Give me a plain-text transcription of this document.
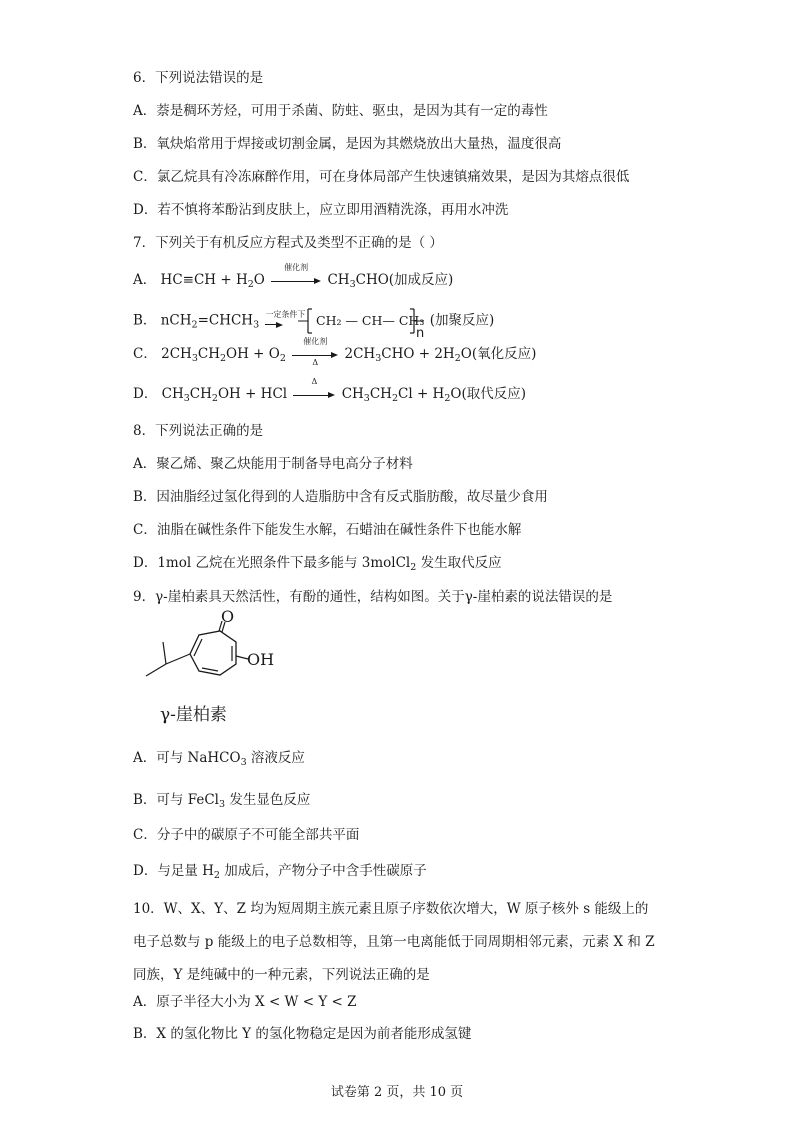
6．下列说法错误的是
A．萘是稠环芳烃，可用于杀菌、防蛀、驱虫，是因为其有一定的毒性
B．氧炔焰常用于焊接或切割金属，是因为其燃烧放出大量热，温度很高
C．氯乙烷具有冷冻麻醉作用，可在身体局部产生快速镇痛效果，是因为其熔点很低
D．若不慎将苯酚沾到皮肤上，应立即用酒精洗涤，再用水冲洗
7．下列关于有机反应方程式及类型不正确的是（ ）
A． $HC\equiv CH + H_2O$
催化剂
$CH_3CHO$(加成反应)
B． $nCH_2=CHCH_3$
一定条件下
CH₂ — CH— CH₃
n
(加聚反应)
C． $2CH_3CH_2OH + O_2$
催化剂
Δ	$2CH_3CHO + 2H_2O$(氧化反应)
D． $CH_3CH_2OH$ + HCl
Δ
$CH_3CH_2Cl + H_2O$(取代反应)
8．下列说法正确的是
A．聚乙烯、聚乙炔能用于制备导电高分子材料
B．因油脂经过氢化得到的人造脂肪中含有反式脂肪酸，故尽量少食用
C．油脂在碱性条件下能发生水解，石蜡油在碱性条件下也能水解
D．1mol 乙烷在光照条件下最多能与 3molCl$_2$ 发生取代反应
9．γ-崖柏素具天然活性，有酚的通性，结构如图。关于γ-崖柏素的说法错误的是
O
OH
γ-崖柏素
A．可与 NaHCO$_3$ 溶液反应
B．可与 FeCl$_3$ 发生显色反应
C．分子中的碳原子不可能全部共平面
D．与足量 $H_2$ 加成后，产物分子中含手性碳原子
10．W、X、Y、Z 均为短周期主族元素且原子序数依次增大，W 原子核外 s 能级上的
电子总数与 p 能级上的电子总数相等，且第一电离能低于同周期相邻元素，元素 X 和 Z
同族，Y 是纯碱中的一种元素，下列说法正确的是
A．原子半径大小为 X < W < Y < Z
B．X 的氢化物比 Y 的氢化物稳定是因为前者能形成氢键
试卷第 2 页，共 10 页
